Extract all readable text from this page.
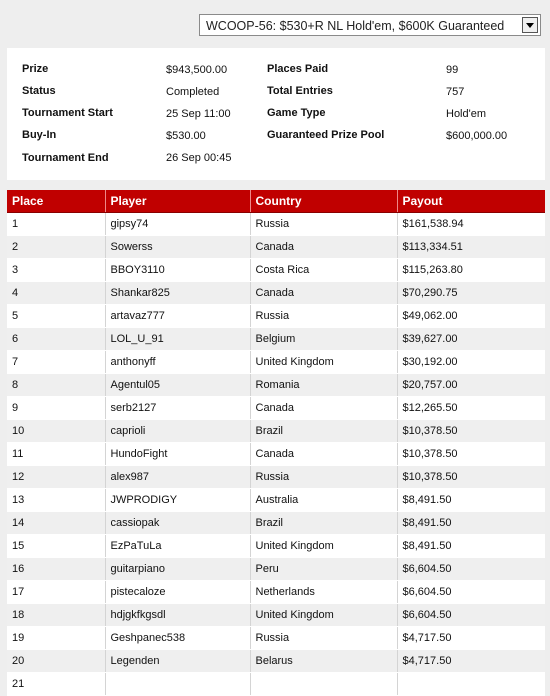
WCOOP-56: $530+R NL Hold'em, $600K Guaranteed
Prize	$943,500.00
Status	Completed
Tournament Start	25 Sep 11:00
Buy-In	$530.00
Tournament End	26 Sep 00:45
Places Paid	99
Total Entries	757
Game Type	Hold'em
Guaranteed Prize Pool	$600,000.00
Place	Player	Country	Payout
1	gipsy74	Russia	$161,538.94
2	Sowerss	Canada	$113,334.51
3	BBOY3110	Costa Rica	$115,263.80
4	Shankar825	Canada	$70,290.75
5	artavaz777	Russia	$49,062.00
6	LOL_U_91	Belgium	$39,627.00
7	anthonyff	United Kingdom	$30,192.00
8	Agentul05	Romania	$20,757.00
9	serb2127	Canada	$12,265.50
10	caprioli	Brazil	$10,378.50
11	HundoFight	Canada	$10,378.50
12	alex987	Russia	$10,378.50
13	JWPRODIGY	Australia	$8,491.50
14	cassiopak	Brazil	$8,491.50
15	EzPaTuLa	United Kingdom	$8,491.50
16	guitarpiano	Peru	$6,604.50
17	pistecaloze	Netherlands	$6,604.50
18	hdjgkfkgsdl	United Kingdom	$6,604.50
19	Geshpanec538	Russia	$4,717.50
20	Legenden	Belarus	$4,717.50
21			
